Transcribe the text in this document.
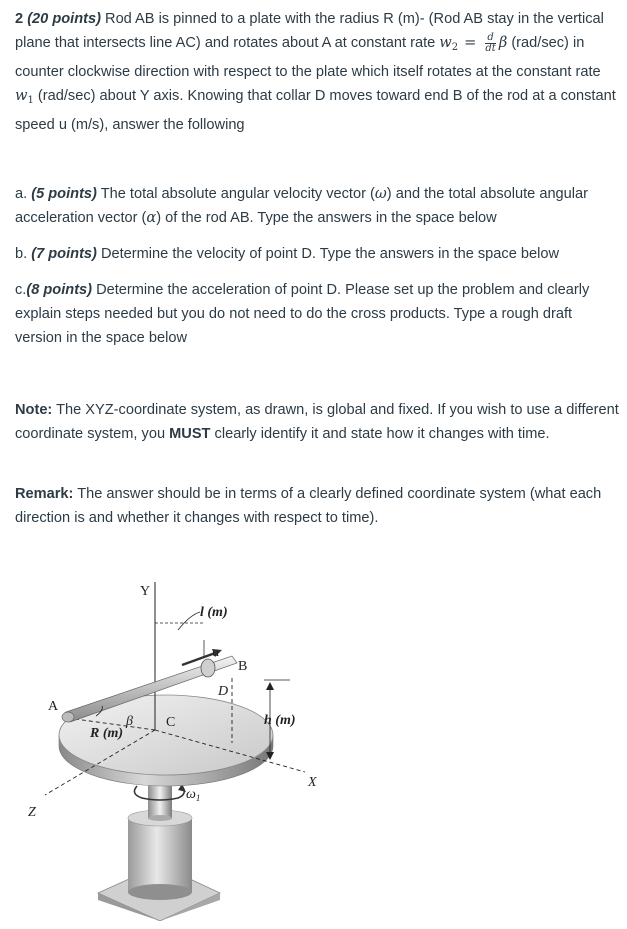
2 (20 points) Rod AB is pinned to a plate with the radius R (m)- (Rod AB stay in the vertical plane that intersects line AC) and rotates about A at constant rate $w_2 = \frac{d}{dt}$ β (rad/sec) in counter clockwise direction with respect to the plate which itself rotates at the constant rate $w_1$ (rad/sec) about Y axis. Knowing that collar D moves toward end B of the rod at a constant speed u (m/s), answer the following

a. (5 points) The total absolute angular velocity vector (ω) and the total absolute angular acceleration vector (α) of the rod AB. Type the answers in the space below

b. (7 points) Determine the velocity of point D. Type the answers in the space below

c.(8 points) Determine the acceleration of point D. Please set up the problem and clearly explain steps needed but you do not need to do the cross products. Type a rough draft version in the space below

Note: The XYZ-coordinate system, as drawn, is global and fixed. If you wish to use a different coordinate system, you MUST clearly identify it and state how it changes with time.

Remark: The answer should be in terms of a clearly defined coordinate system (what each direction is and whether it changes with respect to time).

Y
l (m)
u
B
D
A
β C	h (m)
R (m)
X
$\omega_1$
Z
